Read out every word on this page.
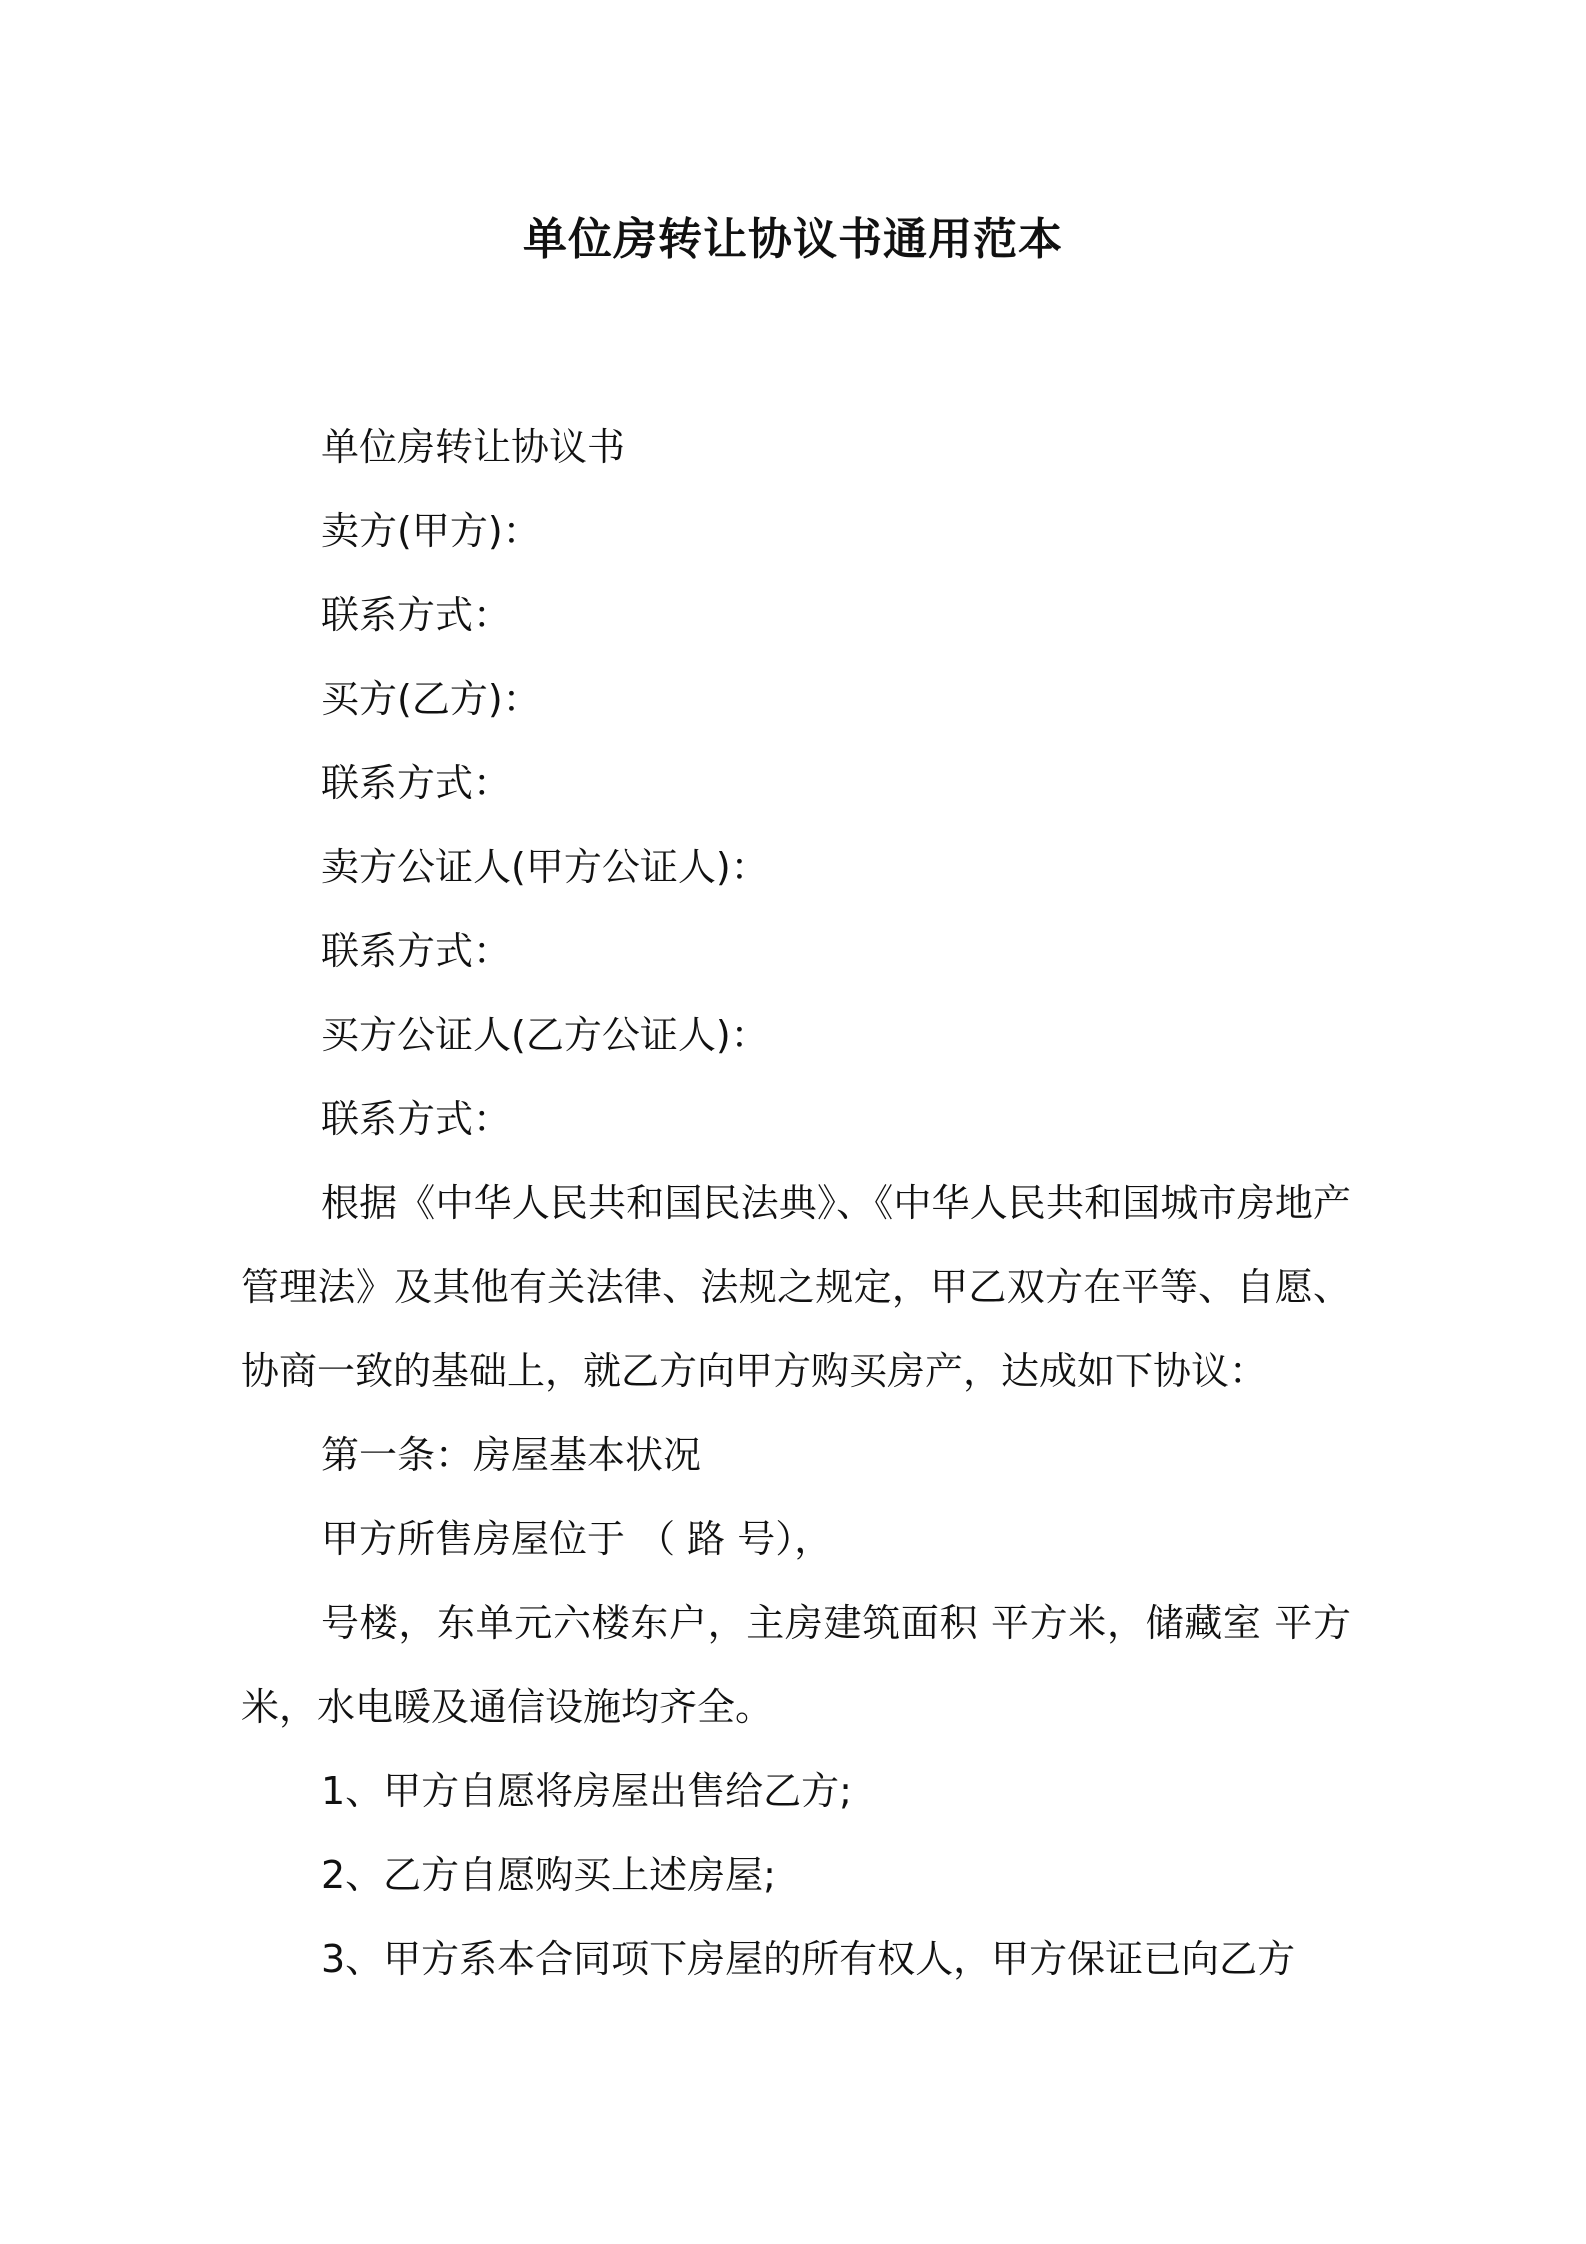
单位房转让协议书通用范本
单位房转让协议书
卖方(甲方)：
联系方式：
买方(乙方)：
联系方式：
卖方公证人(甲方公证人)：
联系方式：
买方公证人(乙方公证人)：
联系方式：

根据《中华人民共和国民法典》、《中华人民共和国城市房地产管理法》及其他有关法律、法规之规定，甲乙双方在平等、自愿、协商一致的基础上，就乙方向甲方购买房产，达成如下协议：

第一条：房屋基本状况
甲方所售房屋位于 （ 路 号），

号楼，东单元六楼东户，主房建筑面积 平方米，储藏室 平方米，水电暖及通信设施均齐全。

1、甲方自愿将房屋出售给乙方;
2、乙方自愿购买上述房屋;
3、甲方系本合同项下房屋的所有权人，甲方保证已向乙方
